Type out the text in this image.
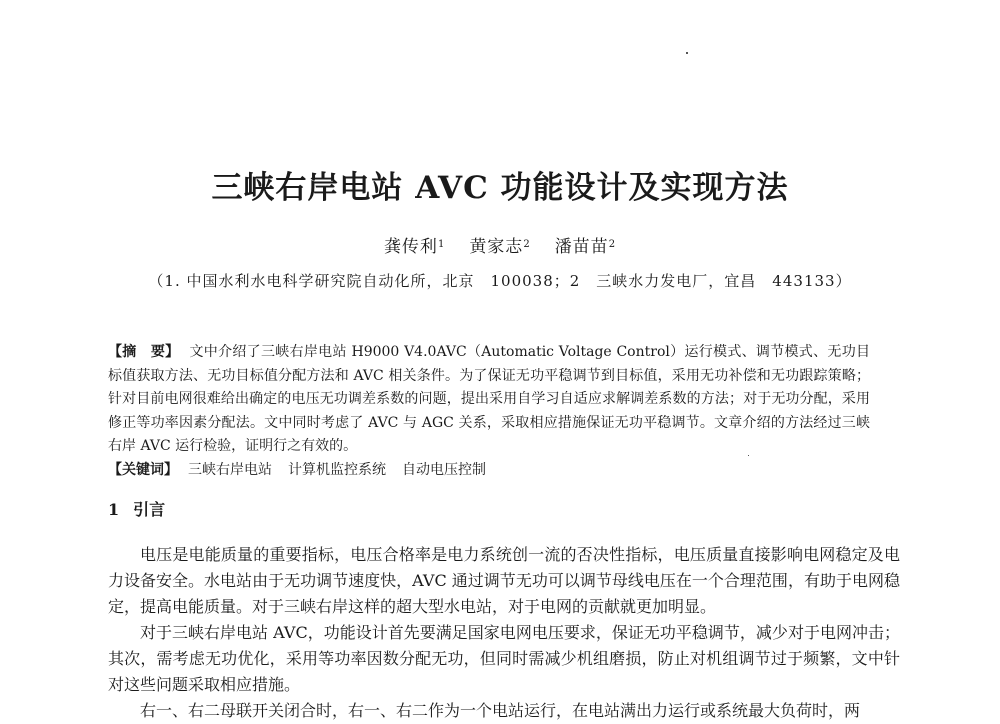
三峡右岸电站 AVC 功能设计及实现方法
龚传利$^1$ 黄家志$^2$ 潘苗苗$^2$
（1. 中国水利水电科学研究院自动化所，北京　100038；2　三峡水力发电厂，宜昌　443133）

【摘　要】 文中介绍了三峡右岸电站 H9000 V4.0AVC（Automatic Voltage Control）运行模式、调节模式、无功目标值获取方法、无功目标值分配方法和 AVC 相关条件。为了保证无功平稳调节到目标值，采用无功补偿和无功跟踪策略；针对目前电网很难给出确定的电压无功调差系数的问题，提出采用自学习自适应求解调差系数的方法；对于无功分配，采用修正等功率因素分配法。文中同时考虑了 AVC 与 AGC 关系，采取相应措施保证无功平稳调节。文章介绍的方法经过三峡右岸 AVC 运行检验，证明行之有效的。

【关键词】 三峡右岸电站 计算机监控系统 自动电压控制

1 引言

电压是电能质量的重要指标，电压合格率是电力系统创一流的否决性指标，电压质量直接影响电网稳定及电力设备安全。水电站由于无功调节速度快，AVC 通过调节无功可以调节母线电压在一个合理范围，有助于电网稳定，提高电能质量。对于三峡右岸这样的超大型水电站，对于电网的贡献就更加明显。

对于三峡右岸电站 AVC，功能设计首先要满足国家电网电压要求，保证无功平稳调节，减少对于电网冲击；其次，需考虑无功优化，采用等功率因数分配无功，但同时需减少机组磨损，防止对机组调节过于频繁，文中针对这些问题采取相应措施。

右一、右二母联开关闭合时，右一、右二作为一个电站运行，在电站满出力运行或系统最大负荷时，两
